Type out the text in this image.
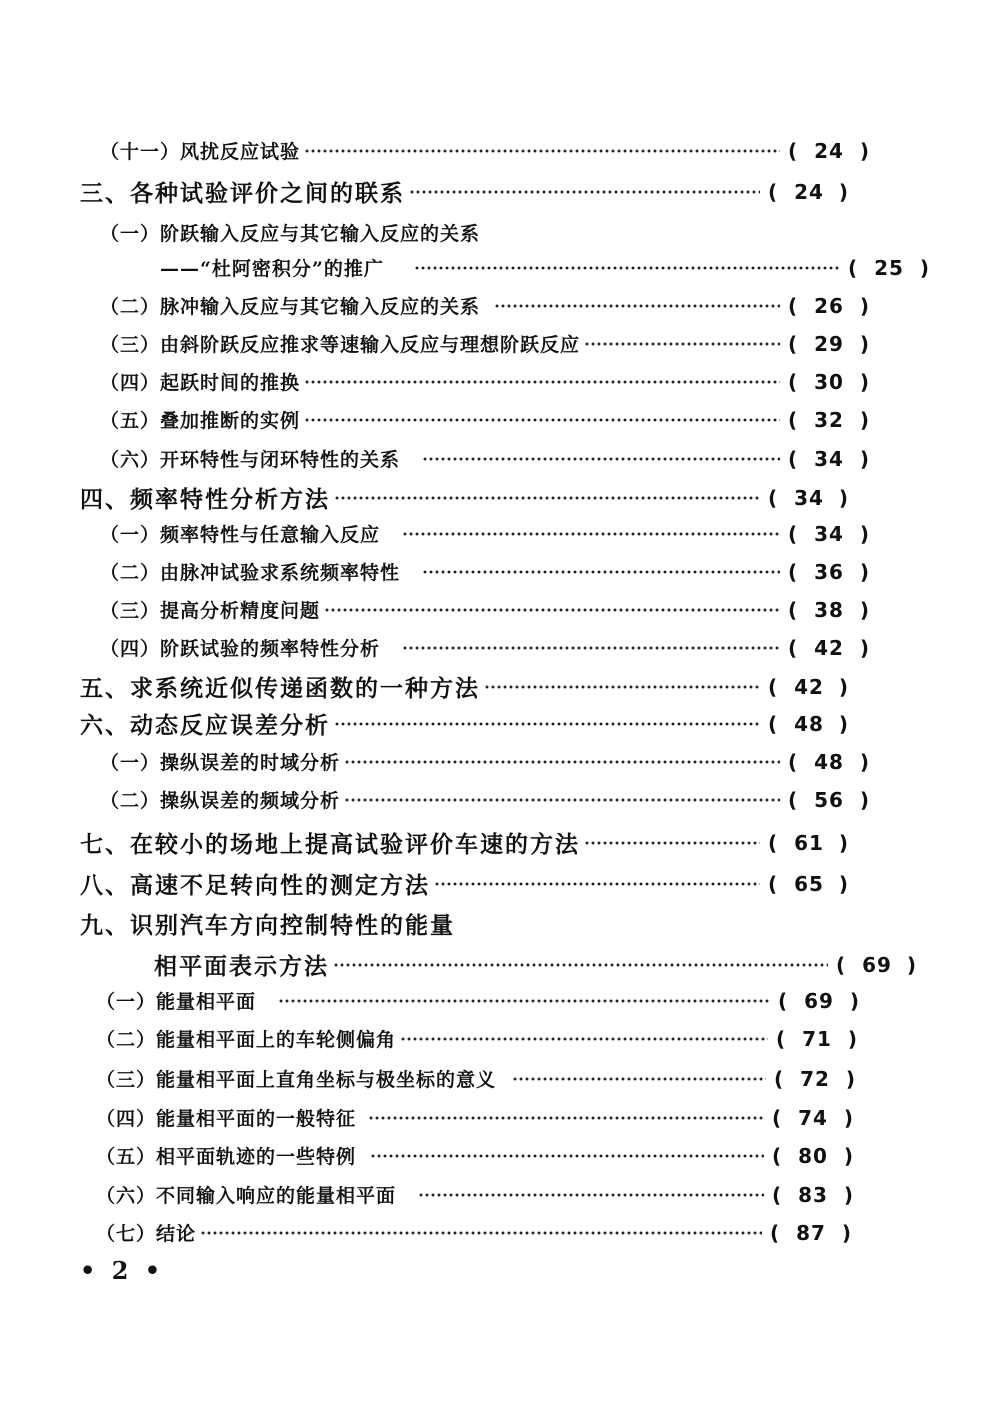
（十一）风扰反应试验	( 24 )
三、各种试验评价之间的联系	( 24 )
（一）阶跃输入反应与其它输入反应的关系
——“杜阿密积分”的推广	( 25 )
（二）脉冲输入反应与其它输入反应的关系	( 26 )
（三）由斜阶跃反应推求等速输入反应与理想阶跃反应	( 29 )
（四）起跃时间的推换	( 30 )
（五）叠加推断的实例	( 32 )
（六）开环特性与闭环特性的关系	( 34 )
四、频率特性分析方法	( 34 )
（一）频率特性与任意输入反应	( 34 )
（二）由脉冲试验求系统频率特性	( 36 )
（三）提高分析精度问题	( 38 )
（四）阶跃试验的频率特性分析	( 42 )
五、求系统近似传递函数的一种方法	( 42 )
六、动态反应误差分析	( 48 )
（一）操纵误差的时域分析	( 48 )
（二）操纵误差的频域分析	( 56 )
七、在较小的场地上提高试验评价车速的方法	( 61 )
八、高速不足转向性的测定方法	( 65 )
九、识别汽车方向控制特性的能量
相平面表示方法	( 69 )
（一）能量相平面	( 69 )
（二）能量相平面上的车轮侧偏角	( 71 )
（三）能量相平面上直角坐标与极坐标的意义	( 72 )
（四）能量相平面的一般特征	( 74 )
（五）相平面轨迹的一些特例	( 80 )
（六）不同输入响应的能量相平面	( 83 )
（七）结论	( 87 )
• 2 •
